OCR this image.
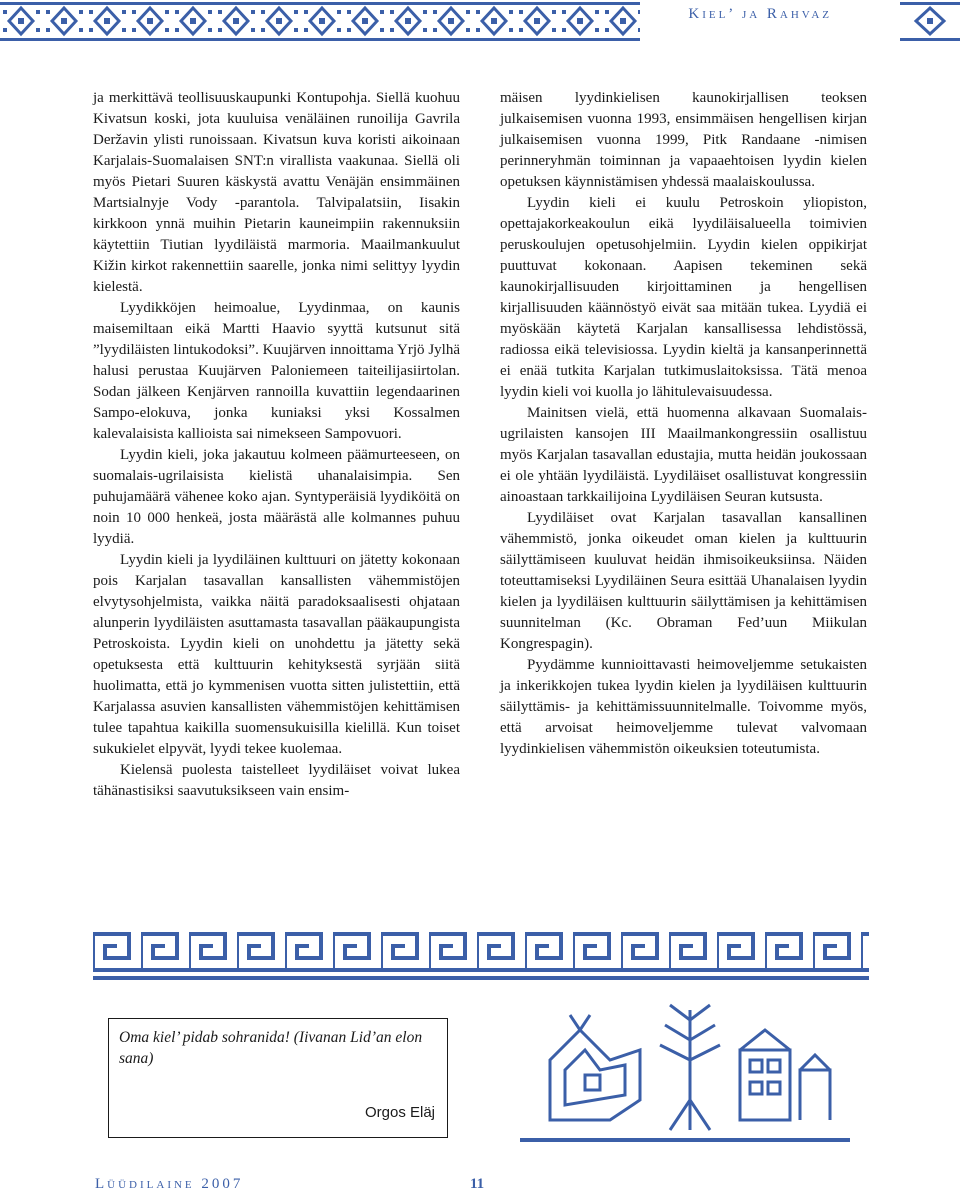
Kiel’ ja Rahvaz

ja merkittävä teollisuuskaupunki Kontupohja. Siellä kuohuu Kivatsun koski, jota kuuluisa venäläinen runoilija Gavrila Deržavin ylisti runoissaan. Kivatsun kuva koristi aikoinaan Karjalais-Suomalaisen SNT:n virallista vaakunaa. Siellä oli myös Pietari Suuren käskystä avattu Venäjän ensimmäinen Martsialnyje Vody -parantola. Talvipalatsiin, Iisakin kirkkoon ynnä muihin Pietarin kauneimpiin rakennuksiin käytettiin Tiutian lyydiläistä marmoria. Maailmankuulut Kižin kirkot rakennettiin saarelle, jonka nimi selittyy lyydin kielestä.

Lyydikköjen heimoalue, Lyydinmaa, on kaunis maisemiltaan eikä Martti Haavio syyttä kutsunut sitä ”lyydiläisten lintukodoksi”. Kuujärven innoittama Yrjö Jylhä halusi perustaa Kuujärven Paloniemeen taiteilijasiirtolan. Sodan jälkeen Kenjärven rannoilla kuvattiin legendaarinen Sampo-elokuva, jonka kuniaksi yksi Kossalmen kalevalaisista kallioista sai nimekseen Sampovuori.

Lyydin kieli, joka jakautuu kolmeen päämurteeseen, on suomalais-ugrilaisista kielistä uhanalaisimpia. Sen puhujamäärä vähenee koko ajan. Syntyperäisiä lyydiköitä on noin 10 000 henkeä, josta määrästä alle kolmannes puhuu lyydiä.

Lyydin kieli ja lyydiläinen kulttuuri on jätetty kokonaan pois Karjalan tasavallan kansallisten vähemmistöjen elvytysohjelmista, vaikka näitä paradoksaalisesti ohjataan alunperin lyydiläisten asuttamasta tasavallan pääkaupungista Petroskoista. Lyydin kieli on unohdettu ja jätetty sekä opetuksesta että kulttuurin kehityksestä syrjään siitä huolimatta, että jo kymmenisen vuotta sitten julistettiin, että Karjalassa asuvien kansallisten vähemmistöjen kehittämisen tulee tapahtua kaikilla suomensukuisilla kielillä. Kun toiset sukukielet elpyvät, lyydi tekee kuolemaa.

Kielensä puolesta taistelleet lyydiläiset voivat lukea tähänastisiksi saavutuksikseen vain ensim-

mäisen lyydinkielisen kaunokirjallisen teoksen julkaisemisen vuonna 1993, ensimmäisen hengellisen kirjan julkaisemisen vuonna 1999, Pitk Randaane -nimisen perinneryhmän toiminnan ja vapaaehtoisen lyydin kielen opetuksen käynnistämisen yhdessä maalaiskoulussa.

Lyydin kieli ei kuulu Petroskoin yliopiston, opettajakorkeakoulun eikä lyydiläisalueella toimivien peruskoulujen opetusohjelmiin. Lyydin kielen oppikirjat puuttuvat kokonaan. Aapisen tekeminen sekä kaunokirjallisuuden kirjoittaminen ja hengellisen kirjallisuuden käännöstyö eivät saa mitään tukea. Lyydiä ei myöskään käytetä Karjalan kansallisessa lehdistössä, radiossa eikä televisiossa. Lyydin kieltä ja kansanperinnettä ei enää tutkita Karjalan tutkimuslaitoksissa. Tätä menoa lyydin kieli voi kuolla jo lähitulevaisuudessa.

Mainitsen vielä, että huomenna alkavaan Suomalais-ugrilaisten kansojen III Maailmankongressiin osallistuu myös Karjalan tasavallan edustajia, mutta heidän joukossaan ei ole yhtään lyydiläistä. Lyydiläiset osallistuvat kongressiin ainoastaan tarkkailijoina Lyydiläisen Seuran kutsusta.

Lyydiläiset ovat Karjalan tasavallan kansallinen vähemmistö, jonka oikeudet oman kielen ja kulttuurin säilyttämiseen kuuluvat heidän ihmisoikeuksiinsa. Näiden toteuttamiseksi Lyydiläinen Seura esittää Uhanalaisen lyydin kielen ja lyydiläisen kulttuurin säilyttämisen ja kehittämisen suunnitelman (Kc. Obraman Fed’uun Miikulan Kongrespagin).

Pyydämme kunnioittavasti heimoveljemme setukaisten ja inkerikkojen tukea lyydin kielen ja lyydiläisen kulttuurin säilyttämis- ja kehittämissuunnitelmalle. Toivomme myös, että arvoisat heimoveljemme tulevat valvomaan lyydinkielisen vähemmistön oikeuksien toteutumista.

Oma kiel’ pidab sohranida! (Iivanan Lid’an elon sana)
Orgos Eläj
Lüüdilaine 2007	11
